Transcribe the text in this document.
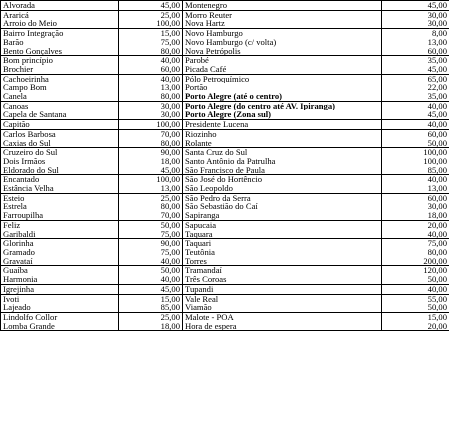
Alvorada	45,00	Montenegro	45,00
Araricá	25,00	Morro Reuter	30,00
Arroio do Meio	100,00	Nova Hartz	30,00
Bairro Integração	15,00	Novo Hamburgo	8,00
Barão	75,00	Novo Hamburgo (c/ volta)	13,00
Bento Gonçalves	80,00	Nova Petrópolis	60,00
Bom princípio	40,00	Parobé	35,00
Brochier	60,00	Picada Café	45,00
Cachoeirinha	40,00	Pólo Petroquímico	65,00
Campo Bom	13,00	Portão	22,00
Canela	80,00	Porto Alegre (até o centro)	35,00
Canoas	30,00	Porto Alegre (do centro até AV. Ipiranga)	40,00
Capela de Santana	30,00	Porto Alegre (Zona sul)	45,00
Capitão	100,00	Presidente Lucena	40,00
Carlos Barbosa	70,00	Riozinho	60,00
Caxias do Sul	80,00	Rolante	50,00
Cruzeiro do Sul	90,00	Santa Cruz do Sul	100,00
Dois Irmãos	18,00	Santo Antônio da Patrulha	100,00
Eldorado do Sul	45,00	São Francisco de Paula	85,00
Encantado	100,00	São José do Hortêncio	40,00
Estância Velha	13,00	São Leopoldo	13,00
Esteio	25,00	São Pedro da Serra	60,00
Estrela	80,00	São Sebastião do Caí	30,00
Farroupilha	70,00	Sapiranga	18,00
Feliz	50,00	Sapucaia	20,00
Garibaldi	75,00	Taquara	40,00
Glorinha	90,00	Taquari	75,00
Gramado	75,00	Teutônia	80,00
Gravataí	40,00	Torres	200,00
Guaíba	50,00	Tramandaí	120,00
Harmonia	40,00	Três Coroas	50,00
Igrejinha	45,00	Tupandi	40,00
Ivoti	15,00	Vale Real	55,00
Lajeado	85,00	Viamão	50,00
Lindolfo Collor	25,00	Malote - POA	15,00
Lomba Grande	18,00	Hora de espera	20,00
